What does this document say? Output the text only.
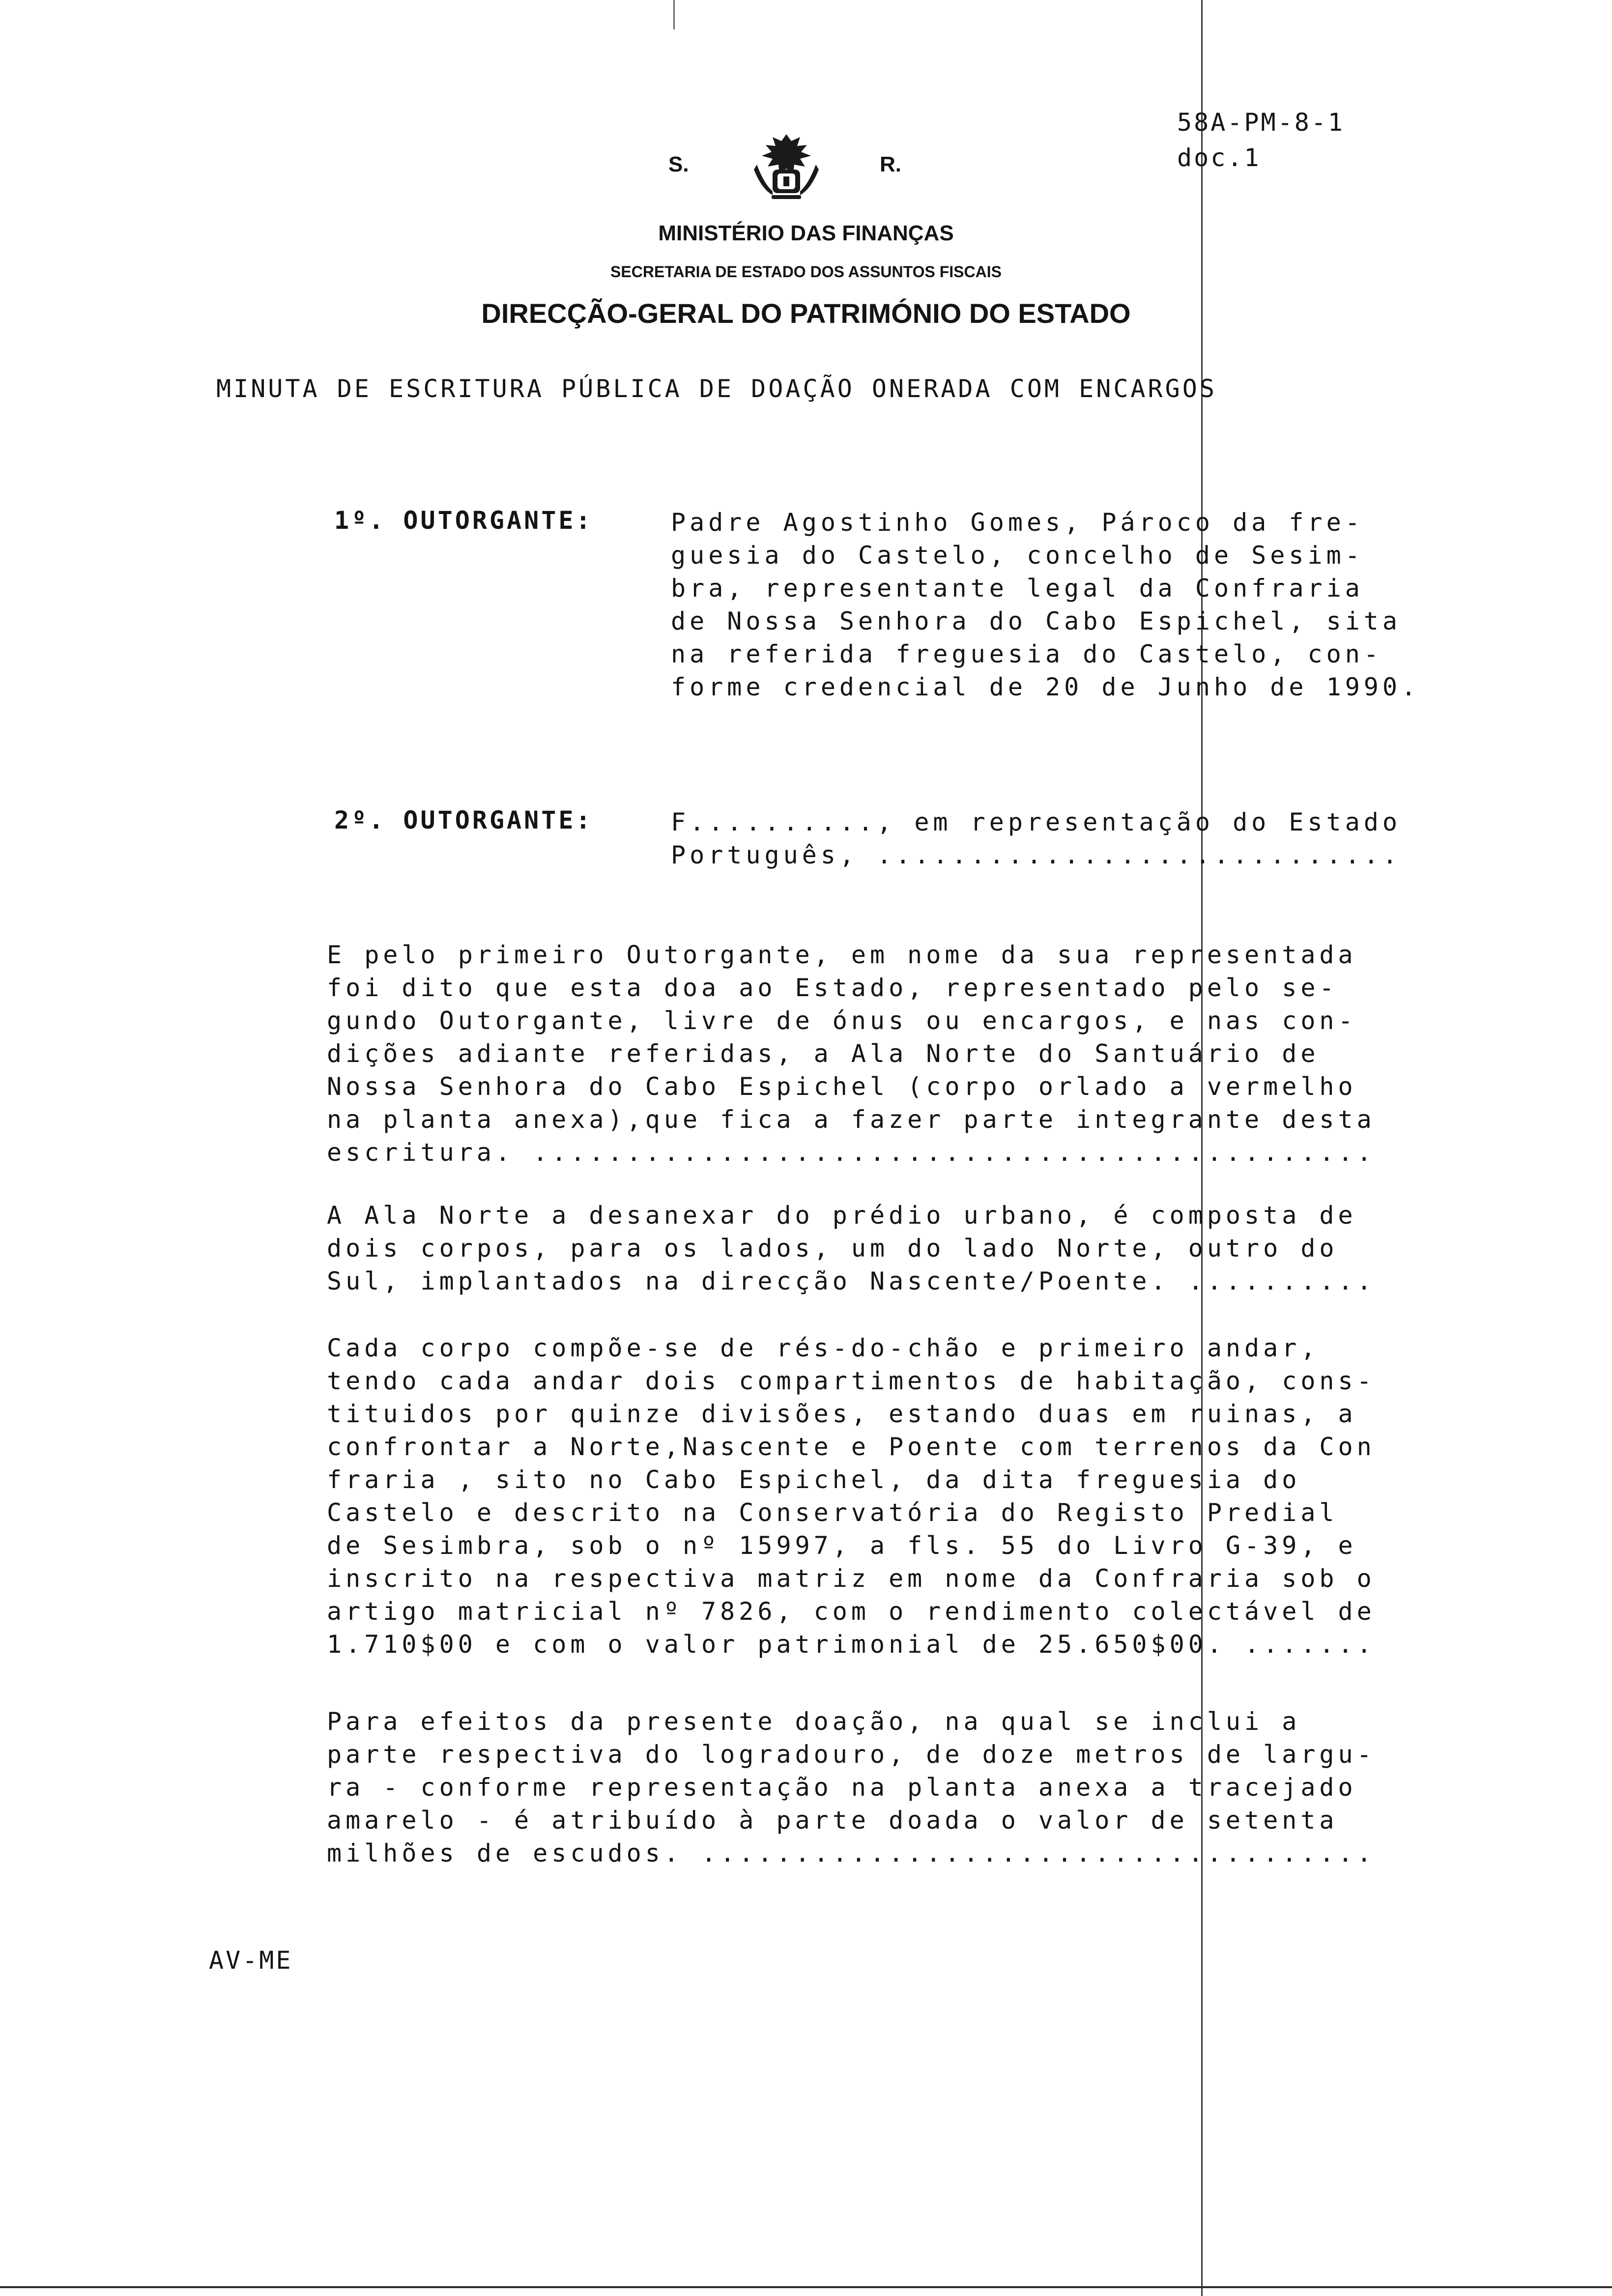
58A-PM-8-1
doc.1
S.	R.
MINISTÉRIO DAS FINANÇAS
SECRETARIA DE ESTADO DOS ASSUNTOS FISCAIS
DIRECÇÃO-GERAL DO PATRIMÓNIO DO ESTADO
MINUTA DE ESCRITURA PÚBLICA DE DOAÇÃO ONERADA COM ENCARGOS
1º. OUTORGANTE:	Padre Agostinho Gomes, Pároco da fre-
guesia do Castelo, concelho de Sesim-
bra, representante legal da Confraria
de Nossa Senhora do Cabo Espichel, sita
na referida freguesia do Castelo, con-
forme credencial de 20 de Junho de 1990.
2º. OUTORGANTE:	F.........., em representação do Estado
Português, ............................
E pelo primeiro Outorgante, em nome da sua representada
foi dito que esta doa ao Estado, representado pelo se-
gundo Outorgante, livre de ónus ou encargos, e nas con-
dições adiante referidas, a Ala Norte do Santuário de
Nossa Senhora do Cabo Espichel (corpo orlado a vermelho
na planta anexa),que fica a fazer parte integrante desta
escritura. .............................................
A Ala Norte a desanexar do prédio urbano, é composta de
dois corpos, para os lados, um do lado Norte, outro do
Sul, implantados na direcção Nascente/Poente. ..........
Cada corpo compõe-se de rés-do-chão e primeiro andar,
tendo cada andar dois compartimentos de habitação, cons-
tituidos por quinze divisões, estando duas em ruinas, a
confrontar a Norte,Nascente e Poente com terrenos da Con
fraria , sito no Cabo Espichel, da dita freguesia do
Castelo e descrito na Conservatória do Registo Predial
de Sesimbra, sob o nº 15997, a fls. 55 do Livro G-39, e
inscrito na respectiva matriz em nome da Confraria sob o
artigo matricial nº 7826, com o rendimento colectável de
1.710$00 e com o valor patrimonial de 25.650$00. .......
Para efeitos da presente doação, na qual se inclui a
parte respectiva do logradouro, de doze metros de largu-
ra - conforme representação na planta anexa a tracejado
amarelo - é atribuído à parte doada o valor de setenta
milhões de escudos. ....................................
AV-ME
